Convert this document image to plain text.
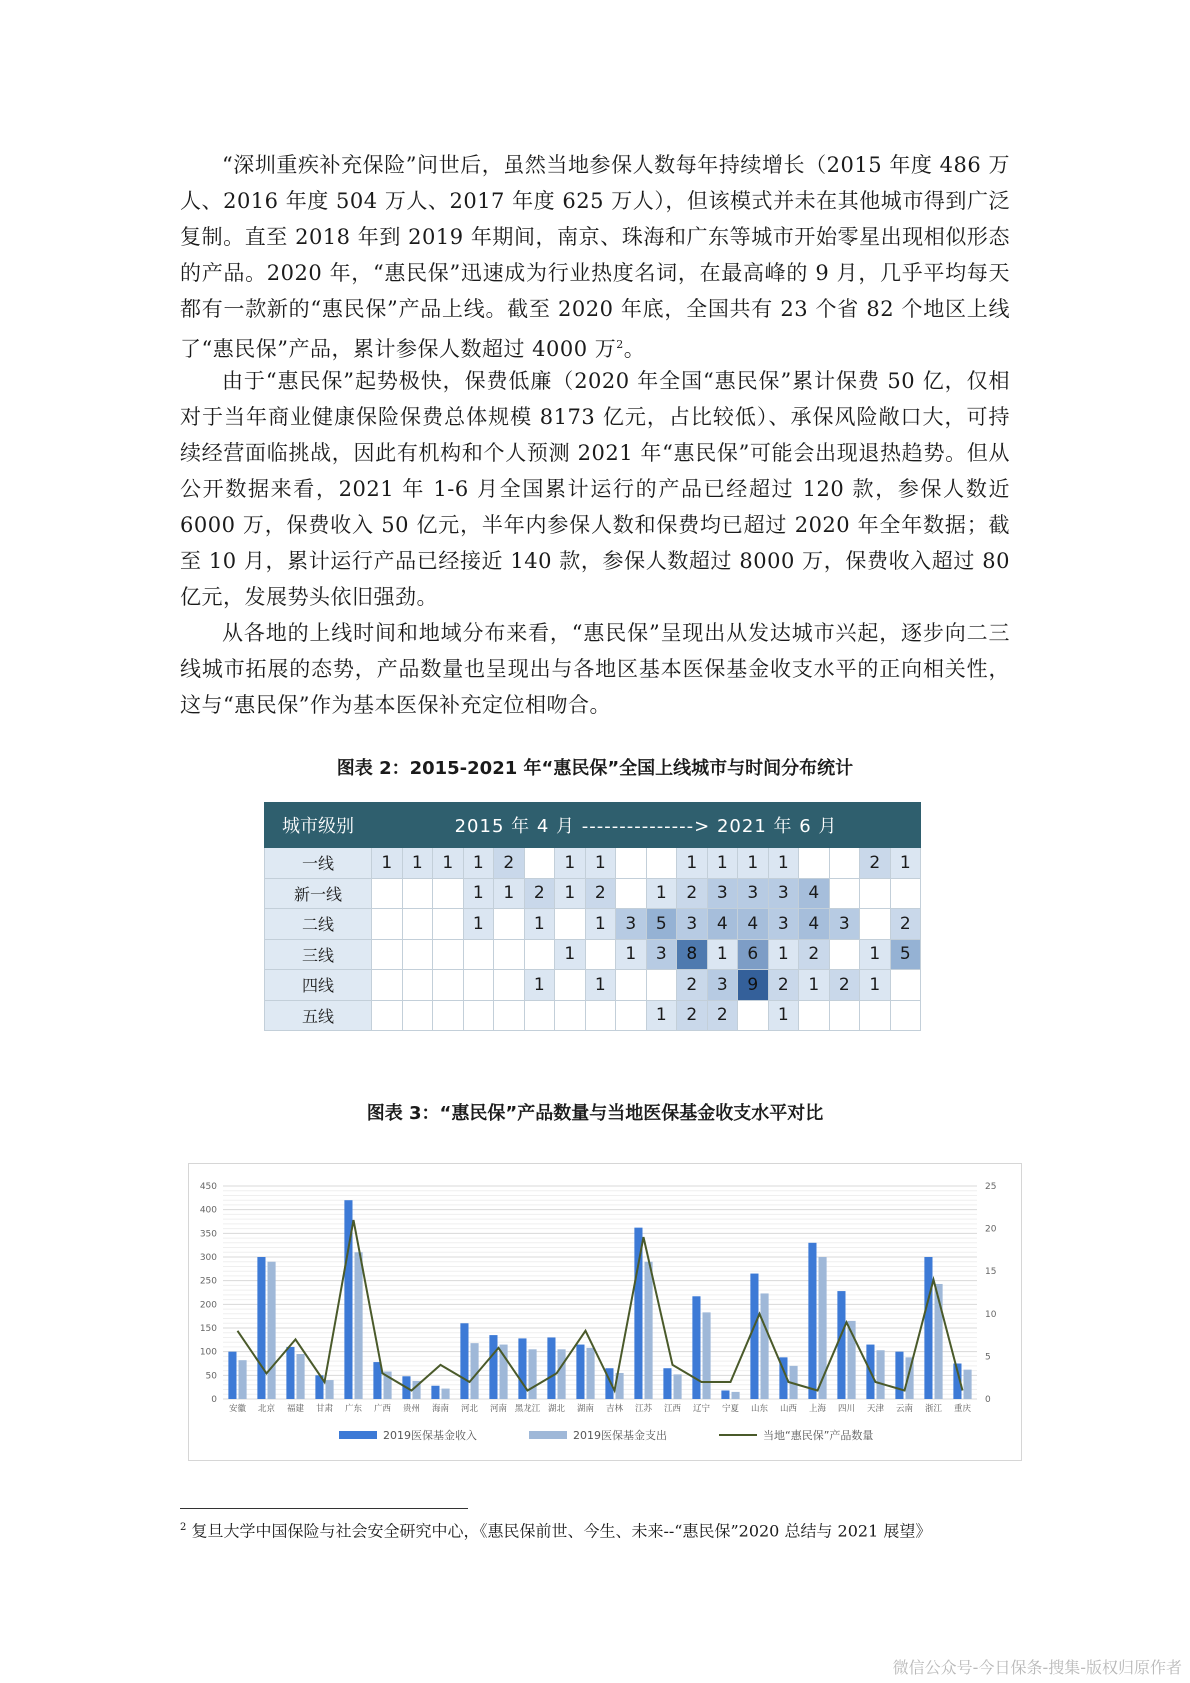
“深圳重疾补充保险”问世后，虽然当地参保人数每年持续增长（2015 年度 486 万人、2016 年度 504 万人、2017 年度 625 万人），但该模式并未在其他城市得到广泛复制。直至 2018 年到 2019 年期间，南京、珠海和广东等城市开始零星出现相似形态的产品。2020 年，“惠民保”迅速成为行业热度名词，在最高峰的 9 月，几乎平均每天都有一款新的“惠民保”产品上线。截至 2020 年底，全国共有 23 个省 82 个地区上线了“惠民保”产品，累计参保人数超过 4000 万$^2$。

由于“惠民保”起势极快，保费低廉（2020 年全国“惠民保”累计保费 50 亿，仅相对于当年商业健康保险保费总体规模 8173 亿元，占比较低）、承保风险敞口大，可持续经营面临挑战，因此有机构和个人预测 2021 年“惠民保”可能会出现退热趋势。但从公开数据来看，2021 年 1-6 月全国累计运行的产品已经超过 120 款，参保人数近 6000 万，保费收入 50 亿元，半年内参保人数和保费均已超过 2020 年全年数据；截至 10 月，累计运行产品已经接近 140 款，参保人数超过 8000 万，保费收入超过 80 亿元，发展势头依旧强劲。

从各地的上线时间和地域分布来看，“惠民保”呈现出从发达城市兴起，逐步向二三线城市拓展的态势，产品数量也呈现出与各地区基本医保基金收支水平的正向相关性，这与“惠民保”作为基本医保补充定位相吻合。

图表 2：2015-2021 年“惠民保”全国上线城市与时间分布统计

城市级别	2015 年 4 月 ---------------> 2021 年 6 月																	
一线	1	1	1	1	2		1	1			1	1	1	1			2	1
新一线				1	1	2	1	2		1	2	3	3	3	4			
二线				1		1		1	3	5	3	4	4	3	4	3		2
三线							1		1	3	8	1	6	1	2		1	5
四线						1		1			2	3	9	2	1	2	1	
五线										1	2	2		1				

图表 3：“惠民保”产品数量与当地医保基金收支水平对比

0
50
100
150
200
250
300
350
400
450
0
5
10
15
20
25
安徽 北京 福建 甘肃 广东 广西 贵州 海南 河北 河南 黑龙江 湖北 湖南 吉林 江苏 江西 辽宁 宁夏 山东 山西 上海 四川 天津 云南 浙江 重庆
2019医保基金收入	2019医保基金支出	当地“惠民保”产品数量

$^2$ 复旦大学中国保险与社会安全研究中心，《惠民保前世、今生、未来--“惠民保”2020 总结与 2021 展望》

微信公众号-今日保条-搜集-版权归原作者
